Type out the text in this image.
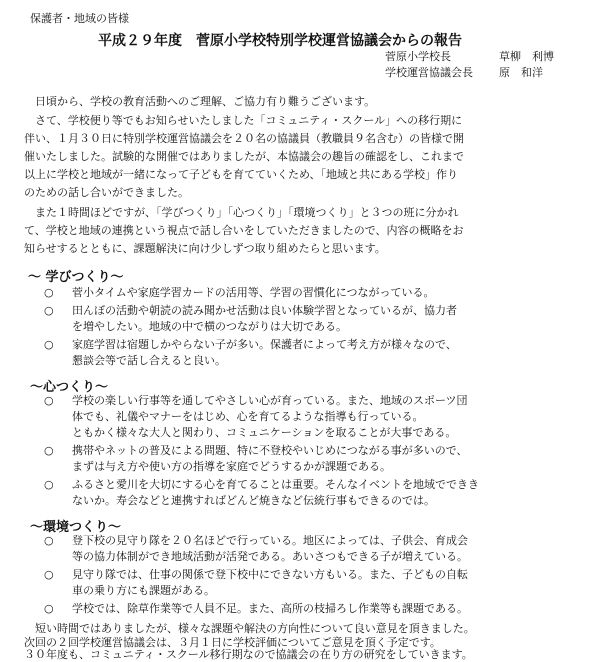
保護者・地域の皆様
平成２９年度　菅原小学校特別学校運営協議会からの報告
菅原小学校長	草柳　利博
学校運営協議会長 原　和洋
日頃から、学校の教育活動へのご理解、ご協力有り難うございます。
さて、学校便り等でもお知らせいたしました「コミュニティ・スクール」への移行期に
伴い、１月３０日に特別学校運営協議会を２０名の協議員（教職員９名含む）の皆様で開
催いたしました。試験的な開催ではありましたが、本協議会の趣旨の確認をし、これまで
以上に学校と地域が一緒になって子どもを育てていくため、「地域と共にある学校」作り
のための話し合いができました。
また１時間ほどですが、「学びつくり」「心つくり」「環境つくり」と３つの班に分かれ
て、学校と地域の連携という視点で話し合いをしていただきましたので、内容の概略をお
知らせするとともに、課題解決に向け少しずつ取り組めたらと思います。
～ 学びつくり～
○ 菅小タイムや家庭学習カードの活用等、学習の習慣化につながっている。
○ 田んぼの活動や朝読の読み聞かせ活動は良い体験学習となっているが、協力者
を増やしたい。地域の中で横のつながりは大切である。
○ 家庭学習は宿題しかやらない子が多い。保護者によって考え方が様々なので、
懇談会等で話し合えると良い。
～心つくり～
○ 学校の楽しい行事等を通してやさしい心が育っている。また、地域のスポーツ団
体でも、礼儀やマナーをはじめ、心を育てるような指導も行っている。
ともかく様々な大人と関わり、コミュニケーションを取ることが大事である。
○ 携帯やネットの普及による問題、特に不登校やいじめにつながる事が多いので、
まずは与え方や使い方の指導を家庭でどうするかが課題である。
○ ふるさと愛川を大切にする心を育てることは重要。そんなイベントを地域でできき
ないか。寿会などと連携すればどんど焼きなど伝統行事もできるのでは。
～環境つくり～
○ 登下校の見守り隊を２０名ほどで行っている。地区によっては、子供会、育成会
等の協力体制ができ地域活動が活発である。あいさつもできる子が増えている。
○ 見守り隊では、仕事の関係で登下校中にできない方もいる。また、子どもの自転
車の乗り方にも課題がある。
○ 学校では、除草作業等で人員不足。また、高所の枝掃ろし作業等も課題である。
短い時間ではありましたが、様々な課題や解決の方向性について良い意見を頂きました。
次回の２回学校運営協議会は、３月１日に学校評価についてご意見を頂く予定です。
３０年度も、コミュニティ・スクール移行期なので協議会の在り方の研究をしていきます。
